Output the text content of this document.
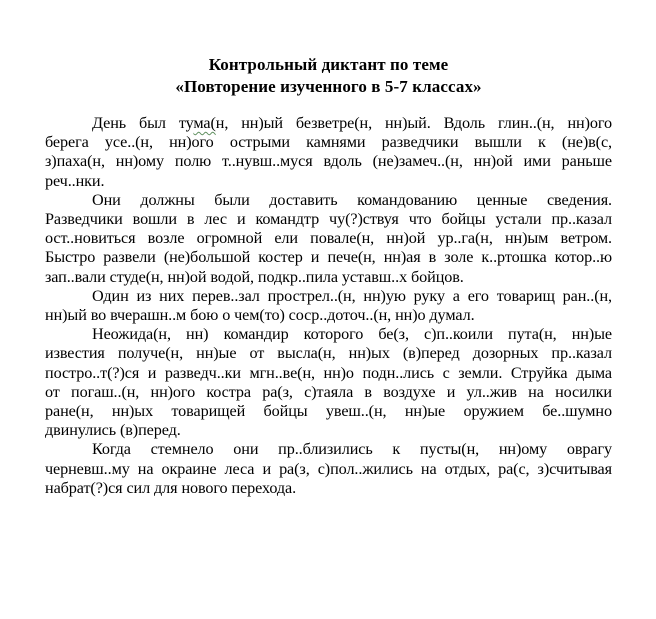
Контрольный диктант по теме
«Повторение изученного в 5-7 классах»
День был тума(н, нн)ый безветре(н, нн)ый. Вдоль глин..(н, нн)ого
берега усе..(н, нн)ого острыми камнями разведчики вышли к (не)в(с,
з)паха(н, нн)ому полю т..нувш..муся вдоль (не)замеч..(н, нн)ой ими раньше
реч..нки.
Они должны были доставить командованию ценные сведения.
Разведчики вошли в лес и командтр чу(?)ствуя что бойцы устали пр..казал
ост..новиться возле огромной ели повале(н, нн)ой ур..га(н, нн)ым ветром.
Быстро развели (не)большой костер и пече(н, нн)ая в золе к..ртошка котор..ю
зап..вали студе(н, нн)ой водой, подкр..пила уставш..х бойцов.
Один из них перев..зал прострел..(н, нн)ую руку а его товарищ ран..(н,
нн)ый во вчерашн..м бою о чем(то) соср..доточ..(н, нн)о думал.
Неожида(н, нн) командир которого бе(з, с)п..коили пута(н, нн)ые
известия получе(н, нн)ые от высла(н, нн)ых (в)перед дозорных пр..казал
постро..т(?)ся и разведч..ки мгн..ве(н, нн)о подн..лись с земли. Струйка дыма
от погаш..(н, нн)ого костра ра(з, с)таяла в воздухе и ул..жив на носилки
ране(н, нн)ых товарищей бойцы увеш..(н, нн)ые оружием бе..шумно
двинулись (в)перед.
Когда стемнело они пр..близились к пусты(н, нн)ому оврагу
черневш..му на окраине леса и ра(з, с)пол..жились на отдых, ра(с, з)считывая
набрат(?)ся сил для нового перехода.
